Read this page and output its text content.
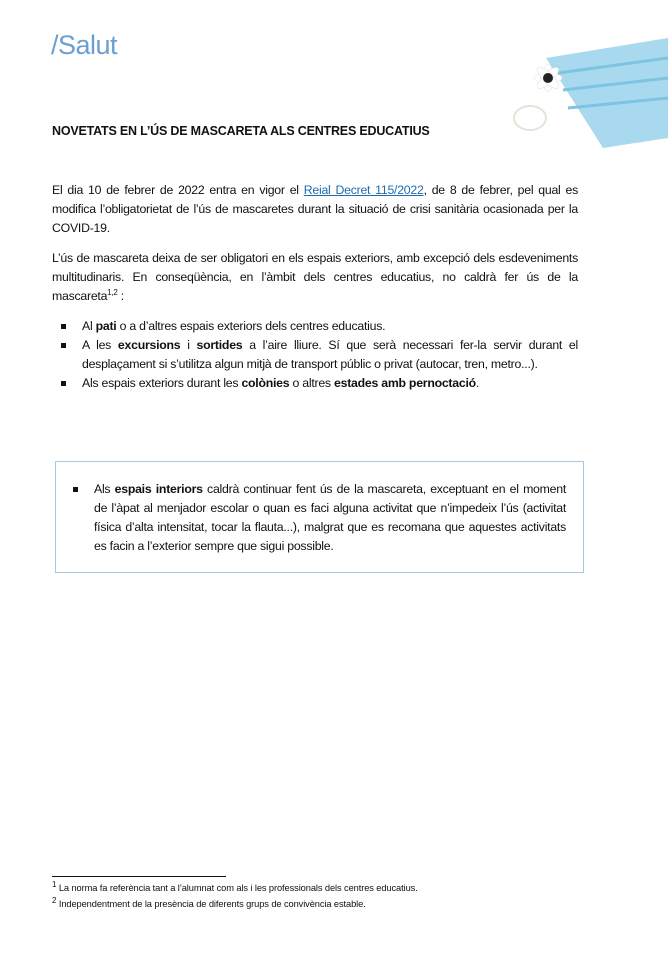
/Salut
NOVETATS EN L’ÚS DE MASCARETA ALS CENTRES EDUCATIUS

El dia 10 de febrer de 2022 entra en vigor el Reial Decret 115/2022, de 8 de febrer, pel qual es modifica l’obligatorietat de l’ús de mascaretes durant la situació de crisi sanitària ocasionada per la COVID-19.

L’ús de mascareta deixa de ser obligatori en els espais exteriors, amb excepció dels esdeveniments multitudinaris. En conseqüència, en l’àmbit dels centres educatius, no caldrà fer ús de la mascareta$^{1,2}$ :

Al pati o a d’altres espais exteriors dels centres educatius.
A les excursions i sortides a l’aire lliure. Sí que serà necessari fer-la servir durant el desplaçament si s’utilitza algun mitjà de transport públic o privat (autocar, tren, metro...).
Als espais exteriors durant les colònies o altres estades amb pernoctació.
Als espais interiors caldrà continuar fent ús de la mascareta, exceptuant en el moment de l’àpat al menjador escolar o quan es faci alguna activitat que n’impedeix l’ús (activitat física d’alta intensitat, tocar la flauta...), malgrat que es recomana que aquestes activitats es facin a l’exterior sempre que sigui possible.
$^1$ La norma fa referència tant a l’alumnat com als i les professionals dels centres educatius.
$^2$ Independentment de la presència de diferents grups de convivència estable.
